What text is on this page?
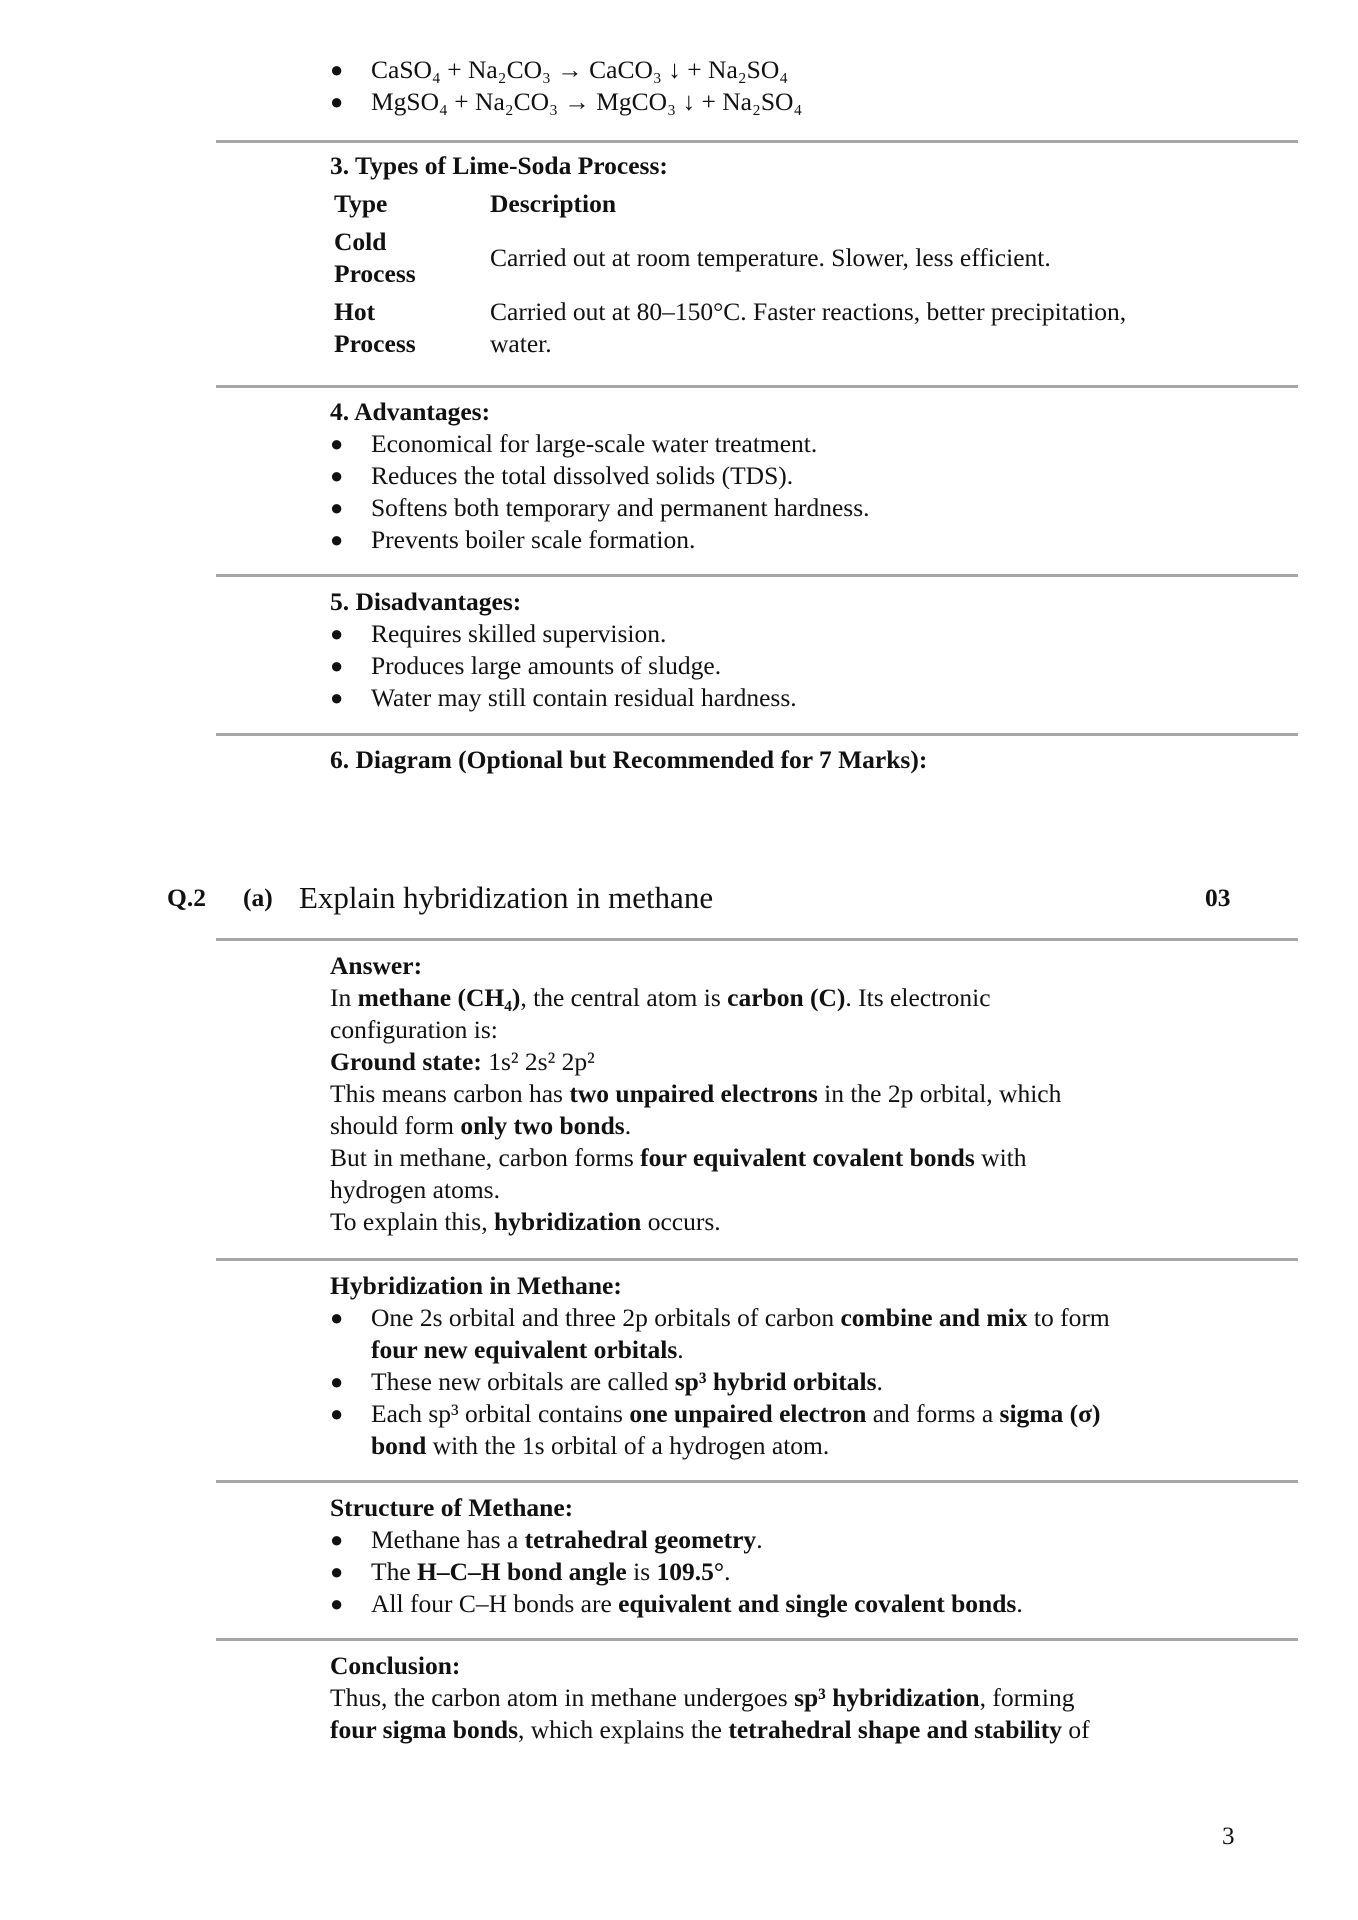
● CaSO₄ + Na₂CO₃ → CaCO₃ ↓ + Na₂SO₄
● MgSO₄ + Na₂CO₃ → MgCO₃ ↓ + Na₂SO₄
3. Types of Lime-Soda Process:
Type	Description
Cold
Process
Carried out at room temperature. Slower, less efficient.
Hot
Process
Carried out at 80–150°C. Faster reactions, better precipitation,
water.
4. Advantages:
● Economical for large-scale water treatment.
● Reduces the total dissolved solids (TDS).
● Softens both temporary and permanent hardness.
● Prevents boiler scale formation.
5. Disadvantages:
● Requires skilled supervision.
● Produces large amounts of sludge.
● Water may still contain residual hardness.
6. Diagram (Optional but Recommended for 7 Marks):
Q.2 (a) Explain hybridization in methane	03
Answer:
In methane (CH₄), the central atom is carbon (C). Its electronic
configuration is:
Ground state: 1s² 2s² 2p²
This means carbon has two unpaired electrons in the 2p orbital, which
should form only two bonds.
But in methane, carbon forms four equivalent covalent bonds with
hydrogen atoms.
To explain this, hybridization occurs.
Hybridization in Methane:
● One 2s orbital and three 2p orbitals of carbon combine and mix to form
four new equivalent orbitals.
● These new orbitals are called sp³ hybrid orbitals.
● Each sp³ orbital contains one unpaired electron and forms a sigma (σ)
bond with the 1s orbital of a hydrogen atom.
Structure of Methane:
● Methane has a tetrahedral geometry.
● The H–C–H bond angle is 109.5°.
● All four C–H bonds are equivalent and single covalent bonds.
Conclusion:
Thus, the carbon atom in methane undergoes sp³ hybridization, forming
four sigma bonds, which explains the tetrahedral shape and stability of
3
